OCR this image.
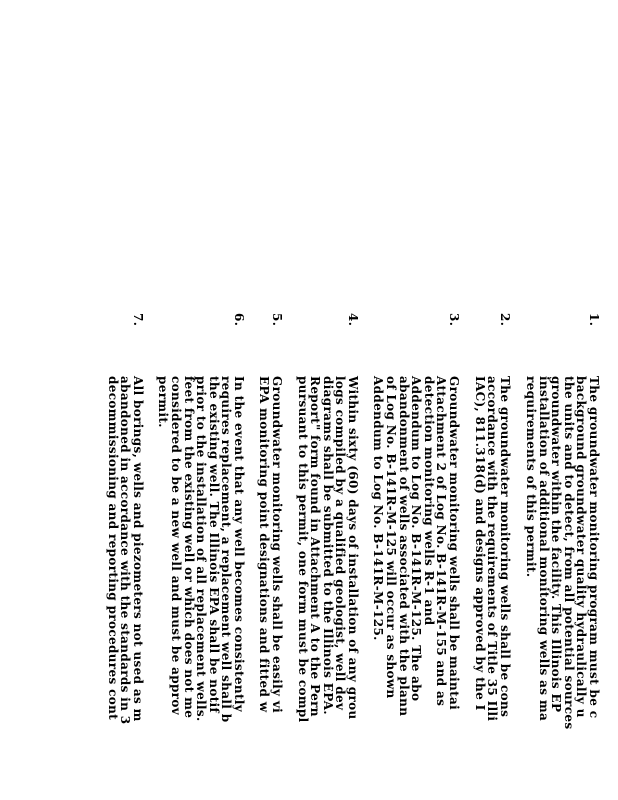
1.
The groundwater monitoring program must be c
background groundwater quality hydraulically u
the units and to detect, from all potential sources
groundwater within the facility. This Illinois EP
installation of additional monitoring wells as ma
requirements of this permit.
2.
The groundwater monitoring wells shall be cons
accordance with the requirements of Title 35 Illi
IAC), 811.318(d) and designs approved by the I
3.
Groundwater monitoring wells shall be maintai
Attachment 2 of Log No. B-141R-M-155 and as
detection monitoring wells R-1 and
Addendum to Log No. B-141R-M-125. The abo
abandonment of wells associated with the plann
of Log No. B-141R-M-125 will occur as shown
Addendum to Log No. B-141R-M-125.
4.
Within sixty (60) days of installation of any grou
logs compiled by a qualified geologist, well dev
diagrams shall be submitted to the Illinois EPA.
Report" form found in Attachment A to the Pern
pursuant to this permit, one form must be compl
5.
Groundwater monitoring wells shall be easily vi
EPA monitoring point designations and fitted w
6.
In the event that any well becomes consistently
requires replacement, a replacement well shall b
the existing well. The Illinois EPA shall be notif
prior to the installation of all replacement wells.
feet from the existing well or which does not me
considered to be a new well and must be approv
permit.
7.
All borings, wells and piezometers not used as m
abandoned in accordance with the standards in 3
decommissioning and reporting procedures cont
